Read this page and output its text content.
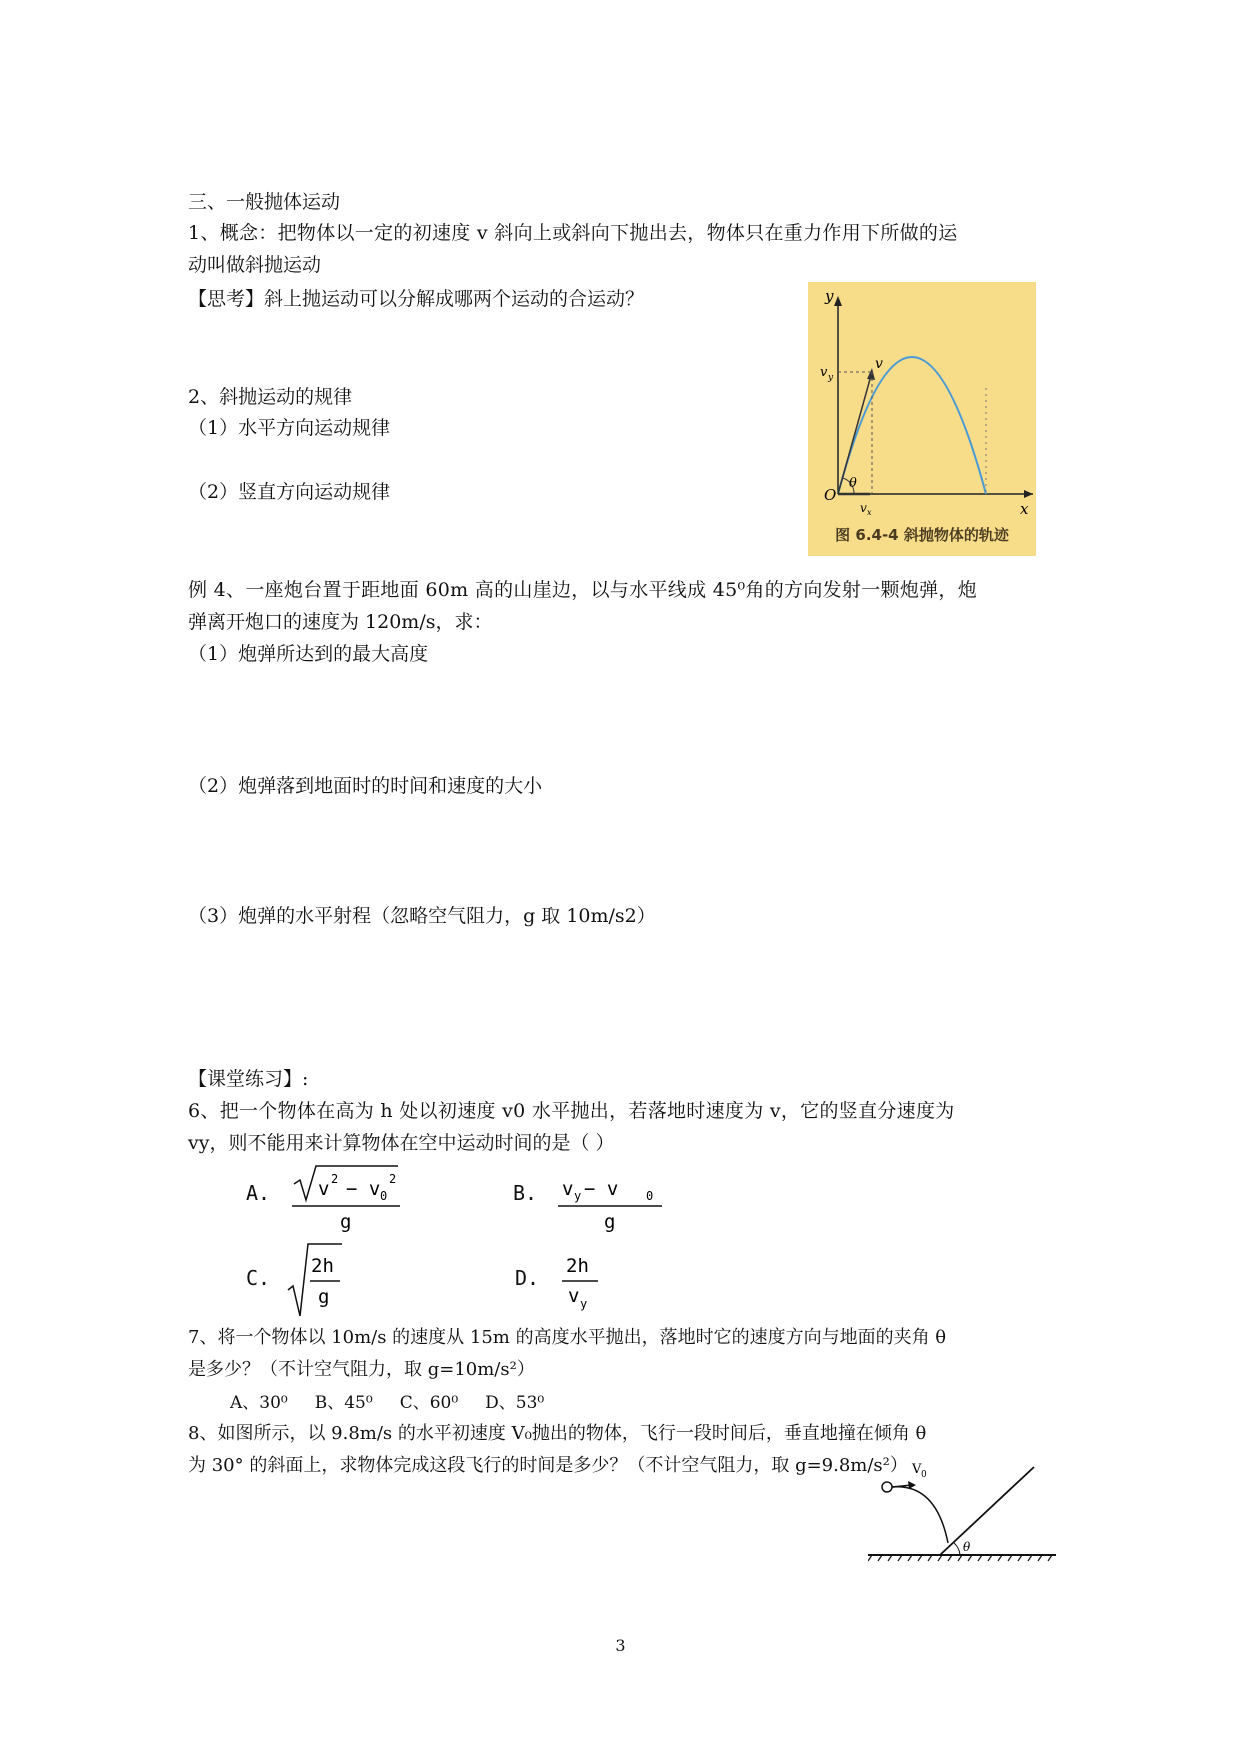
三、一般抛体运动
1、概念：把物体以一定的初速度 v 斜向上或斜向下抛出去，物体只在重力作用下所做的运
动叫做斜抛运动
【思考】斜上抛运动可以分解成哪两个运动的合运动？
2、斜抛运动的规律
（1）水平方向运动规律
（2）竖直方向运动规律
y
x
O
v y
v
θ
v x
图 6.4-4 斜抛物体的轨迹
例 4、一座炮台置于距地面 60m 高的山崖边，以与水平线成 45⁰角的方向发射一颗炮弹，炮
弹离开炮口的速度为 120m/s，求：
（1）炮弹所达到的最大高度
（2）炮弹落到地面时的时间和速度的大小
（3）炮弹的水平射程（忽略空气阻力，g 取 10m/s2）
【课堂练习】:
6、把一个物体在高为 h 处以初速度 v0 水平抛出，若落地时速度为 v，它的竖直分速度为
vy，则不能用来计算物体在空中运动时间的是（ ）
A.	v 2 − v 0
2
g
B. v y − v 0
g
C. 2h
g
D. 2h
v y
7、将一个物体以 10m/s 的速度从 15m 的高度水平抛出，落地时它的速度方向与地面的夹角 θ
是多少？（不计空气阻力，取 g=10m/s²）
A、30⁰     B、45⁰     C、60⁰     D、53⁰
8、如图所示，以 9.8m/s 的水平初速度 V₀抛出的物体，飞行一段时间后，垂直地撞在倾角 θ
为 30° 的斜面上，求物体完成这段飞行的时间是多少？（不计空气阻力，取 g=9.8m/s²） V 0
θ
3
